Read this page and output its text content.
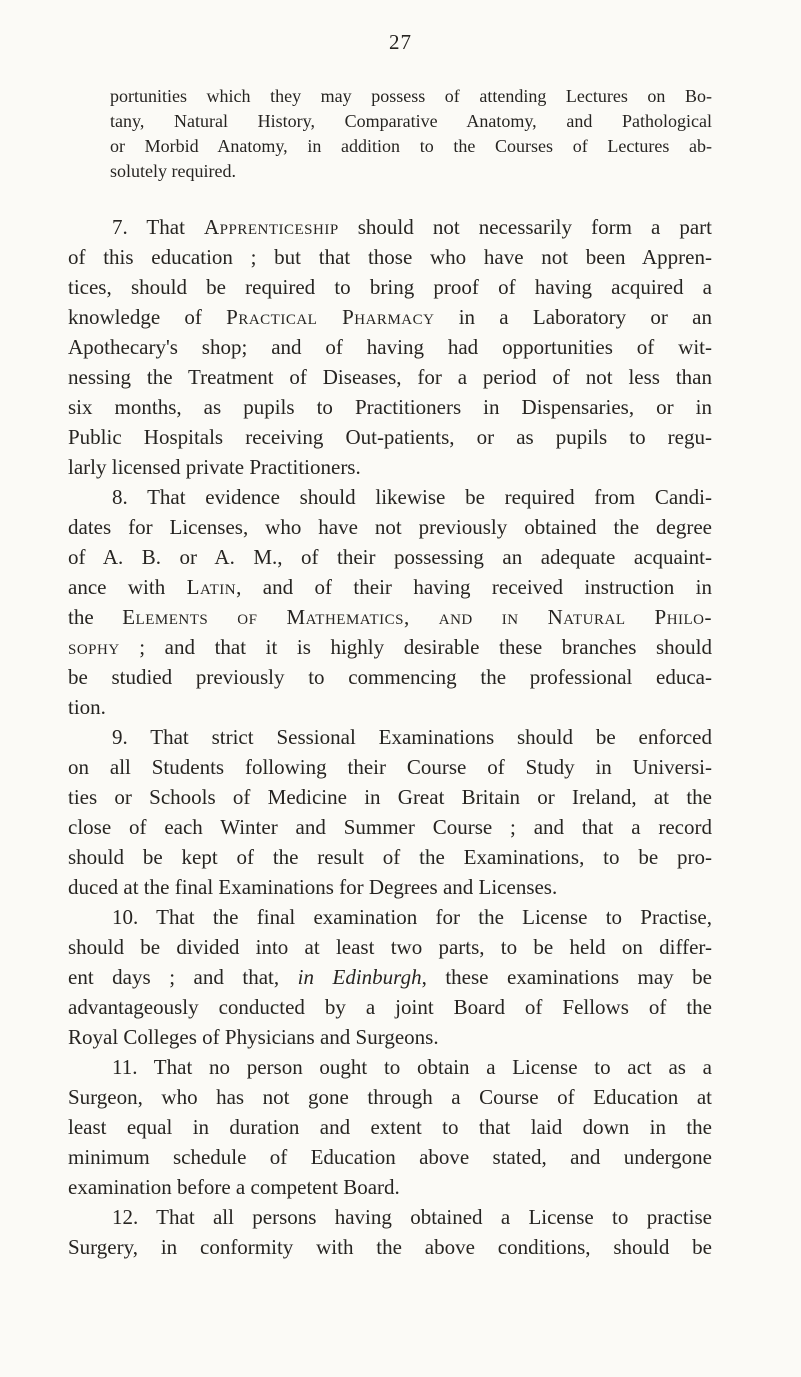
27
portunities which they may possess of attending Lectures on Bo-
tany, Natural History, Comparative Anatomy, and Pathological
or Morbid Anatomy, in addition to the Courses of Lectures ab-
solutely required.
7. That Apprenticeship should not necessarily form a part
of this education ; but that those who have not been Appren-
tices, should be required to bring proof of having acquired a
knowledge of Practical Pharmacy in a Laboratory or an
Apothecary's shop; and of having had opportunities of wit-
nessing the Treatment of Diseases, for a period of not less than
six months, as pupils to Practitioners in Dispensaries, or in
Public Hospitals receiving Out-patients, or as pupils to regu-
larly licensed private Practitioners.
8. That evidence should likewise be required from Candi-
dates for Licenses, who have not previously obtained the degree
of A. B. or A. M., of their possessing an adequate acquaint-
ance with Latin, and of their having received instruction in
the Elements of Mathematics, and in Natural Philo-
sophy ; and that it is highly desirable these branches should
be studied previously to commencing the professional educa-
tion.
9. That strict Sessional Examinations should be enforced
on all Students following their Course of Study in Universi-
ties or Schools of Medicine in Great Britain or Ireland, at the
close of each Winter and Summer Course ; and that a record
should be kept of the result of the Examinations, to be pro-
duced at the final Examinations for Degrees and Licenses.
10. That the final examination for the License to Practise,
should be divided into at least two parts, to be held on differ-
ent days ; and that, in Edinburgh, these examinations may be
advantageously conducted by a joint Board of Fellows of the
Royal Colleges of Physicians and Surgeons.
11. That no person ought to obtain a License to act as a
Surgeon, who has not gone through a Course of Education at
least equal in duration and extent to that laid down in the
minimum schedule of Education above stated, and undergone
examination before a competent Board.
12. That all persons having obtained a License to practise
Surgery, in conformity with the above conditions, should be
